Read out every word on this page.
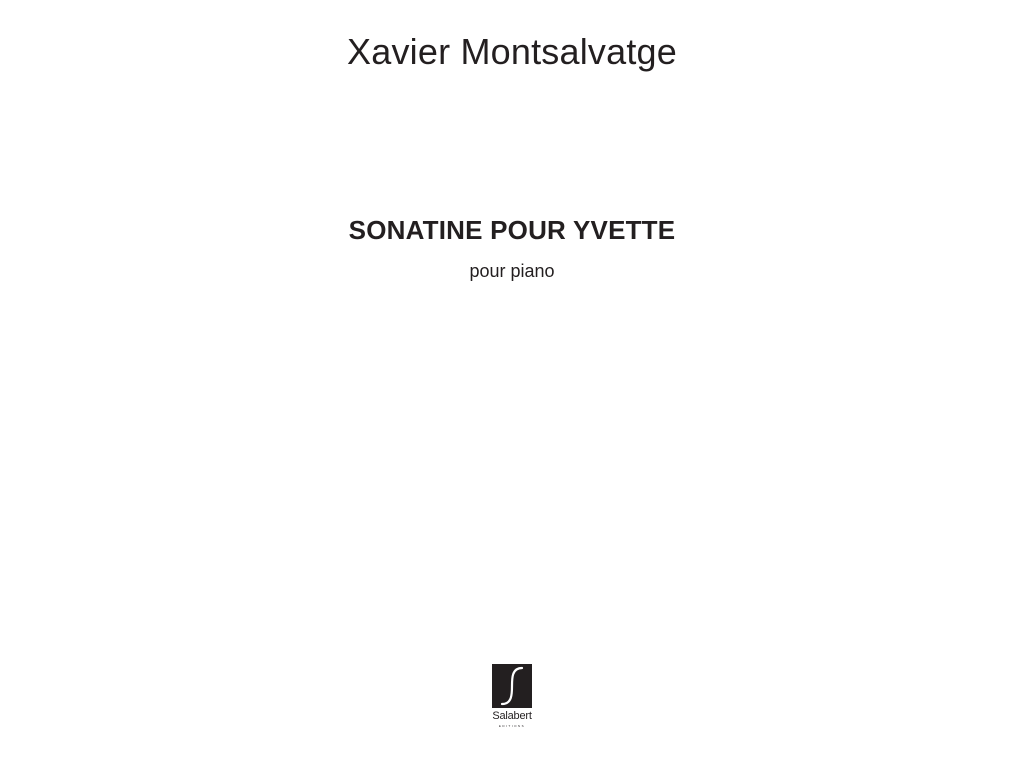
Xavier Montsalvatge
SONATINE POUR YVETTE
pour piano
Salabert
EDITIONS
